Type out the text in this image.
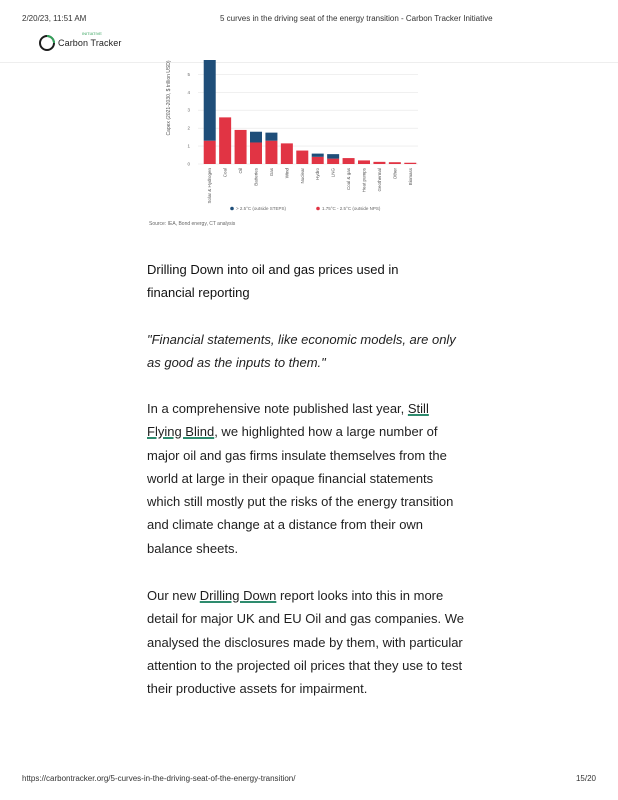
2/20/23, 11:51 AM	5 curves in the driving seat of the energy transition - Carbon Tracker Initiative
Carbon Tracker
INITIATIVE
0
1
2
3
4
5
Capex (2021-2030, $ trillion USD)
Solar & Hydrogen Coal Oil Batteries Gas Wind Nuclear Hydro LNG Coal & gas Heat pumps Geothermal Other Biomass
> 2.5°C (outside STEPS)	1.75°C - 2.5°C (outside NPS)
Source: IEA, Bond energy, CT analysis
Drilling Down into oil and gas prices used in financial reporting

"Financial statements, like economic models, are only as good as the inputs to them."

In a comprehensive note published last year, Still Flying Blind, we highlighted how a large number of major oil and gas firms insulate themselves from the world at large in their opaque financial statements which still mostly put the risks of the energy transition and climate change at a distance from their own balance sheets.

Our new Drilling Down report looks into this in more detail for major UK and EU Oil and gas companies. We analysed the disclosures made by them, with particular attention to the projected oil prices that they use to test their productive assets for impairment.

https://carbontracker.org/5-curves-in-the-driving-seat-of-the-energy-transition/	15/20
